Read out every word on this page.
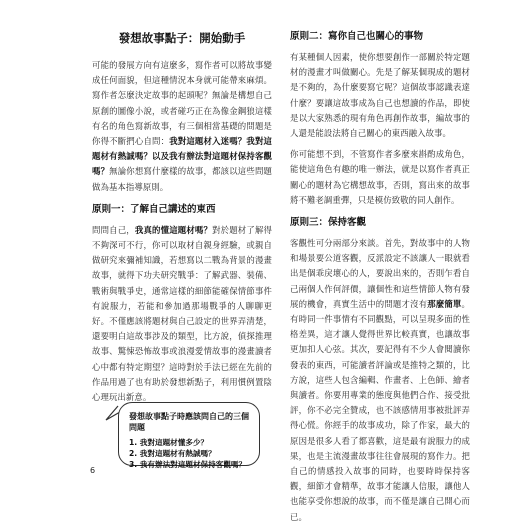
發想故事點子：開始動手

可能的發展方向有這麼多，寫作者可以將故事變成任何面貌，但這種情況本身就可能帶來麻煩。寫作者怎麼決定故事的起頭呢？無論是構想自己原創的圖像小說，或者碰巧正在為像金鋼狼這樣有名的角色寫新故事，有三個相當基礎的問題是你得不斷捫心自問：我對這題材入迷嗎？我對這題材有熱誠嗎？以及我有辦法對這題材保持客觀嗎？無論你想寫什麼樣的故事，都該以這些問題做為基本指導原則。

原則一：了解自己講述的東西

問問自己，我真的懂這題材嗎？對於題材了解得不夠深可不行，你可以取材自親身經驗，或親自做研究來彌補知識，若想寫以二戰為背景的漫畫故事，就得下功夫研究戰爭：了解武器、裝備、戰術與戰爭史，通常這樣的細節能確保情節事件有說服力，若能和參加過那場戰爭的人聊聊更好。不僅應該將題材與自己設定的世界弄清楚，還要明白這故事涉及的類型，比方說，偵探推理故事、驚悚恐怖故事或浪漫愛情故事的漫畫讀者心中都有特定期望？這時對於手法已經在先前的作品用過了也有助於發想新點子，利用慣例置陰心理玩出新意。

原則二：寫你自己也關心的事物

有某種個人因素，使你想要創作一部關於特定題材的漫畫才叫做關心。先是了解某個現成的題材是不夠的，為什麼要寫它呢？這個故事認識表達什麼？要讓這故事成為自己也想讀的作品，即使是以大家熟悉的現有角色再創作故事，編故事的人還是能設法將自己關心的東西融入故事。

你可能想不到，不管寫作者多麼來斟酌成角色，能使這角色有趣的唯一辦法，就是以寫作者真正關心的題材為它構想故事，否則，寫出來的故事將不難老調重彈，只是模仿致敬的同人創作。

原則三：保持客觀

客觀性可分兩部分來談。首先，對故事中的人物和場景要公道客觀，反派設定不該讓人一眼就看出是個乖戾壞心的人，要說出來的，否則乍看自己兩個人作何評價，讓個性和這些情節人物有發展的機會，真實生活中的問題才沒有那麼簡單。有時同一件事情有不同觀點，可以呈現多面的性格差異，這才讓人覺得世界比較真實，也讓故事更加扣人心弦。其次，要記得有不少人會閱讀你發表的東西，可能讀者評論或是推特之類的，比方說，這些人包含編輯、作畫者、上色師、繪者與讀者。你要用專業的態度與他們合作、接受批評，你不必完全贊成，也不該感情用事被批評弄得心慌。你經手的故事成功，除了作家，最大的原因是很多人看了都喜歡，這是最有說服力的成果，也是主流漫畫故事往往會展現的寫作力。把自己的情感投入故事的同時，也要時時保持客觀，細節才會精準，故事才能讓人信服，讓他人也能享受你想說的故事，而不僅是讓自己開心而已。

發想故事點子時應該問自己的三個問題
1. 我對這題材懂多少？
2. 我對這題材有熱誠嗎？
3. 我有辦法對這題材保持客觀嗎？
6
